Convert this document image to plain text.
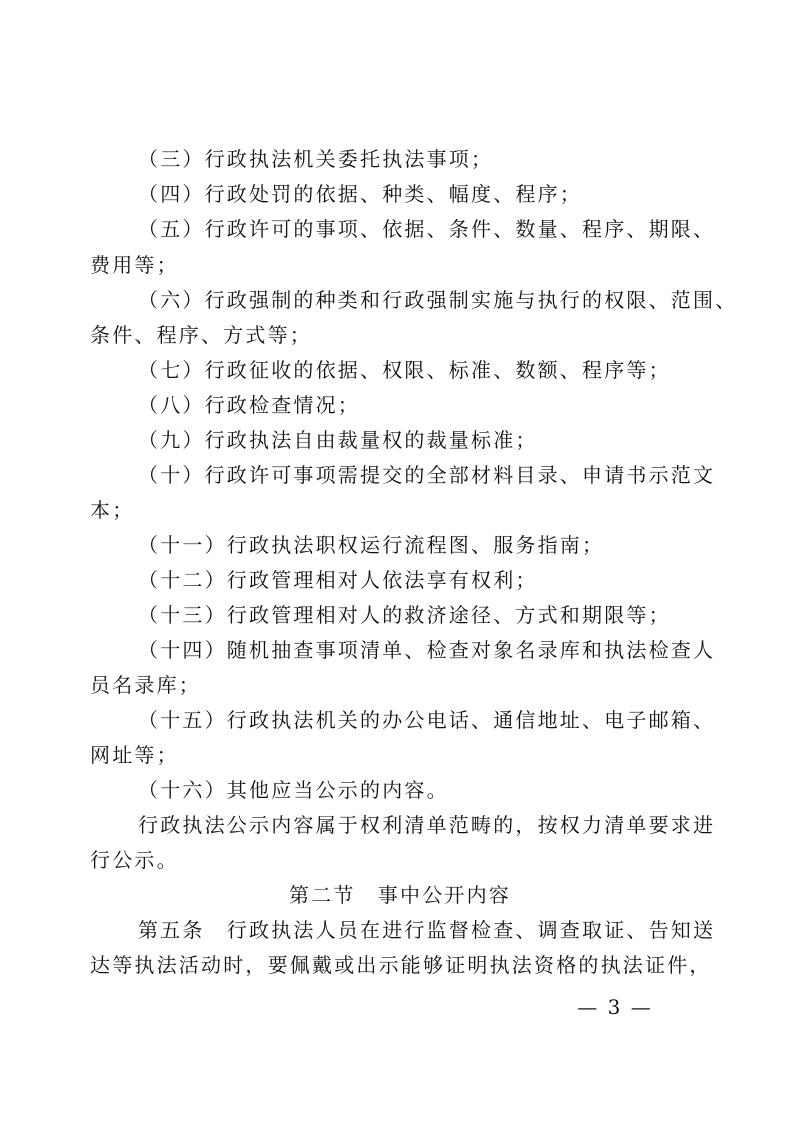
（三）行政执法机关委托执法事项；
（四）行政处罚的依据、种类、幅度、程序；
（五）行政许可的事项、依据、条件、数量、程序、期限、
费用等；
（六）行政强制的种类和行政强制实施与执行的权限、范围、
条件、程序、方式等；
（七）行政征收的依据、权限、标准、数额、程序等；
（八）行政检查情况；
（九）行政执法自由裁量权的裁量标准；
（十）行政许可事项需提交的全部材料目录、申请书示范文
本；
（十一）行政执法职权运行流程图、服务指南；
（十二）行政管理相对人依法享有权利；
（十三）行政管理相对人的救济途径、方式和期限等；
（十四）随机抽查事项清单、检查对象名录库和执法检查人
员名录库；
（十五）行政执法机关的办公电话、通信地址、电子邮箱、
网址等；
（十六）其他应当公示的内容。
行政执法公示内容属于权利清单范畴的，按权力清单要求进
行公示。
第二节　事中公开内容
第五条　行政执法人员在进行监督检查、调查取证、告知送
达等执法活动时，要佩戴或出示能够证明执法资格的执法证件，
— 3 —
